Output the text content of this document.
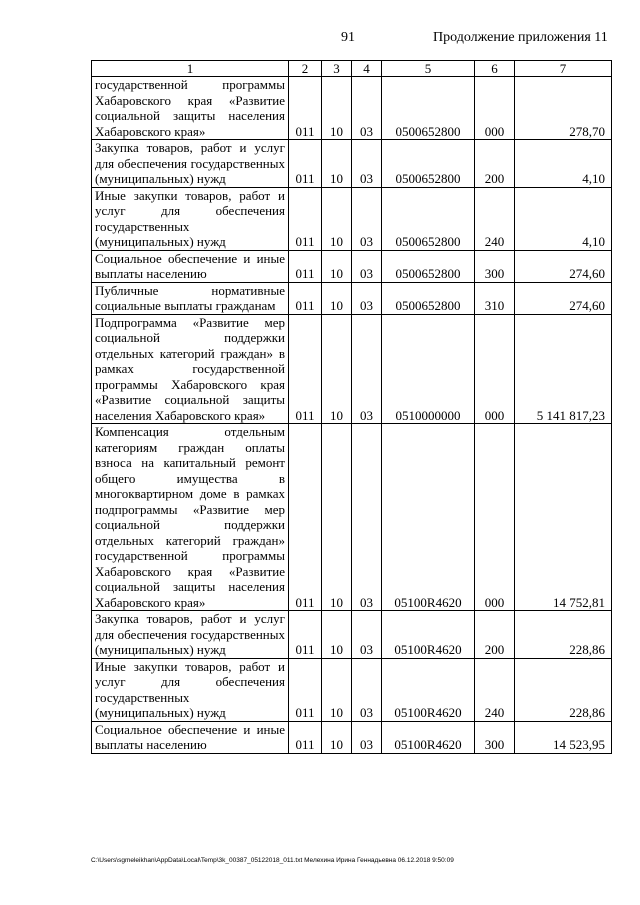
91	Продолжение приложения 11
1	2	3	4	5	6	7
государственной программы Хабаровского края «Развитие социальной защиты населения Хабаровского края»	011	10	03	0500652800	000	278,70
Закупка товаров, работ и услуг для обеспечения государственных (муниципальных) нужд	011	10	03	0500652800	200	4,10
Иные закупки товаров, работ и услуг для обеспечения государственных (муниципальных) нужд	011	10	03	0500652800	240	4,10
Социальное обеспечение и иные выплаты населению	011	10	03	0500652800	300	274,60
Публичные нормативные социальные выплаты гражданам	011	10	03	0500652800	310	274,60
Подпрограмма «Развитие мер социальной поддержки отдельных категорий граждан» в рамках государственной программы Хабаровского края «Развитие социальной защиты населения Хабаровского края»	011	10	03	0510000000	000	5 141 817,23
Компенсация отдельным категориям граждан оплаты взноса на капитальный ремонт общего имущества в многоквартирном доме в рамках подпрограммы «Развитие мер социальной поддержки отдельных категорий граждан» государственной программы Хабаровского края «Развитие социальной защиты населения Хабаровского края»	011	10	03	05100R4620	000	14 752,81
Закупка товаров, работ и услуг для обеспечения государственных (муниципальных) нужд	011	10	03	05100R4620	200	228,86
Иные закупки товаров, работ и услуг для обеспечения государственных (муниципальных) нужд	011	10	03	05100R4620	240	228,86
Социальное обеспечение и иные выплаты населению	011	10	03	05100R4620	300	14 523,95
C:\Users\sgmeleikhan\AppData\Local\Temp\3k_00387_05122018_011.txt Мелехина Ирина Геннадьевна 06.12.2018 9:50:09
